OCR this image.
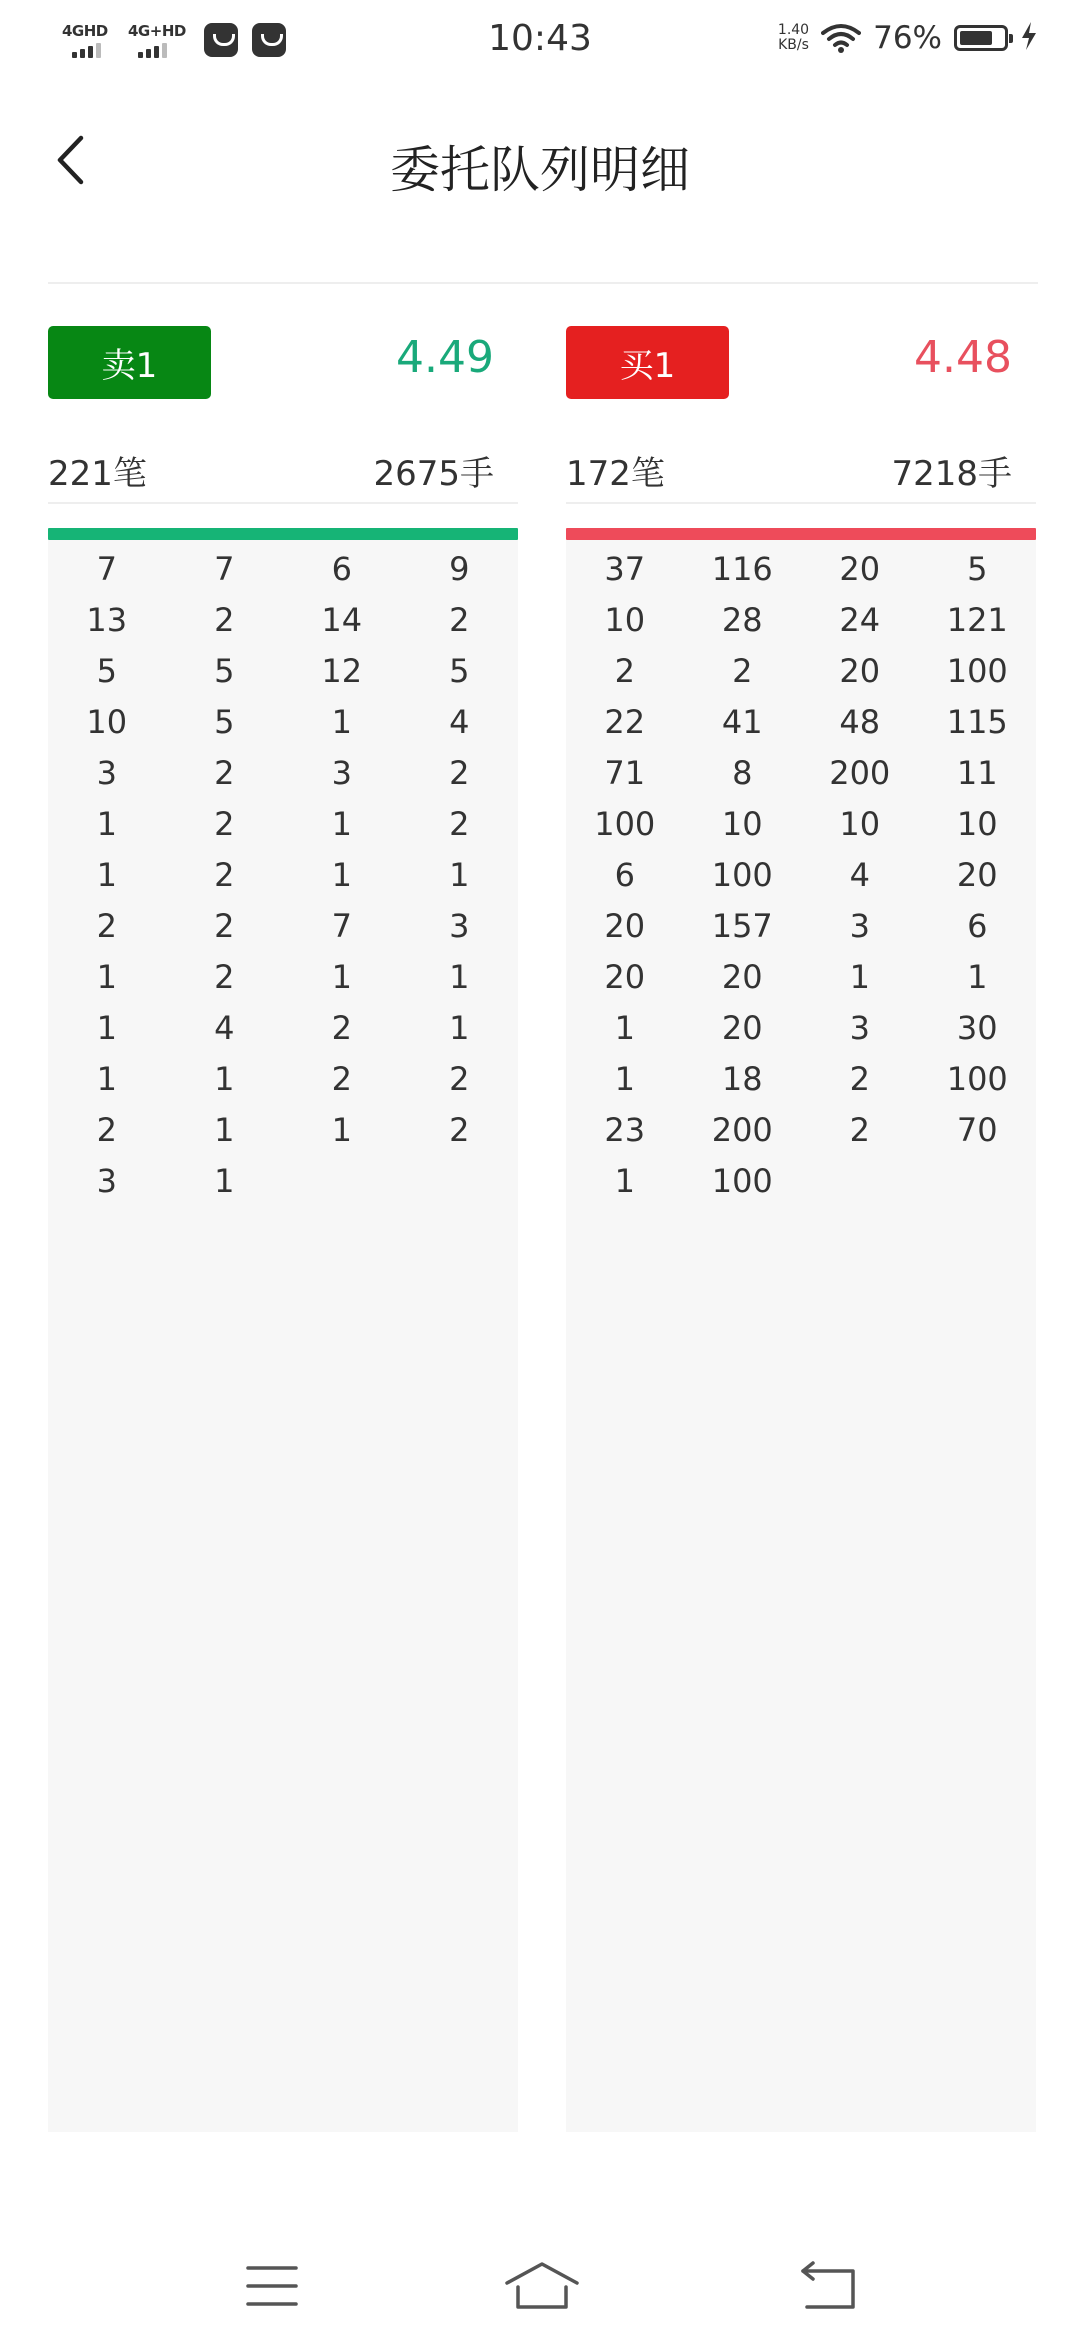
4GHD 4G+HD	10:43	1.40
KB/s 76%
委托队列明细
卖1	4.49
221笔	2675手
7	7	6	9
13	2	14	2
5	5	12	5
10	5	1	4
3	2	3	2
1	2	1	2
1	2	1	1
2	2	7	3
1	2	1	1
1	4	2	1
1	1	2	2
2	1	1	2
3	1
买1	4.48
172笔	7218手
37	116	20	5
10	28	24	121
2	2	20	100
22	41	48	115
71	8	200	11
100	10	10	10
6	100	4	20
20	157	3	6
20	20	1	1
1	20	3	30
1	18	2	100
23	200	2	70
1	100
